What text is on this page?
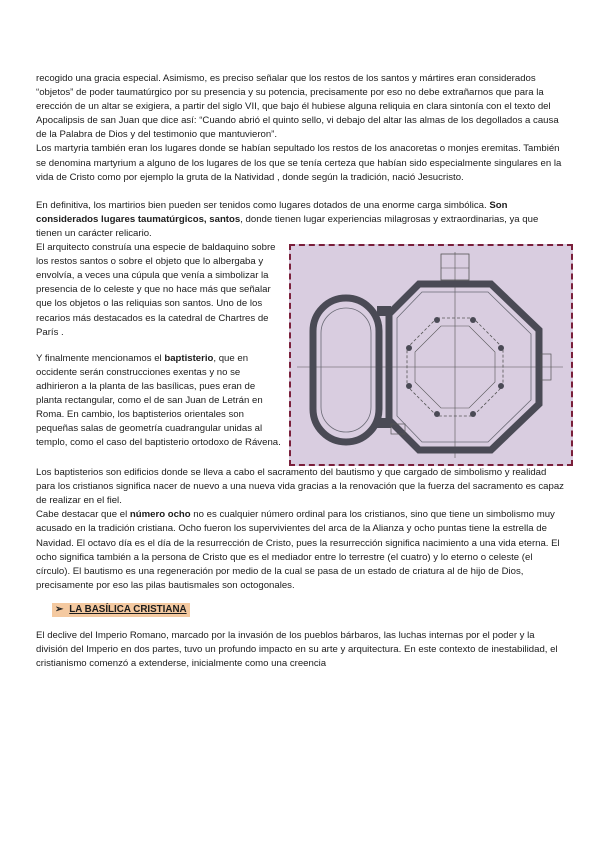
recogido una gracia especial. Asimismo, es preciso señalar que los restos de los santos y mártires eran considerados “objetos” de poder taumatúrgico por su presencia y su potencia, precisamente por eso no debe extrañarnos que para la erección de un altar se exigiera, a partir del siglo VII, que bajo él hubiese alguna reliquia en clara sintonía con el texto del Apocalipsis de san Juan que dice así: “Cuando abrió el quinto sello, vi debajo del altar las almas de los degollados a causa de la Palabra de Dios y del testimonio que mantuvieron”.

Los martyria también eran los lugares donde se habían sepultado los restos de los anacoretas o monjes eremitas. También se denomina martyrium a alguno de los lugares de los que se tenía certeza que habían sido especialmente singulares en la vida de Cristo como por ejemplo la gruta de la Natividad , donde según la tradición, nació Jesucristo.

En definitiva, los martirios bien pueden ser tenidos como lugares dotados de una enorme carga simbólica. Son considerados lugares taumatúrgicos, santos, donde tienen lugar experiencias milagrosas y extraordinarias, ya que tienen un carácter relicario.

El arquitecto construía una especie de baldaquino sobre los restos santos o sobre el objeto que lo albergaba y envolvía, a veces una cúpula que venía a simbolizar la presencia de lo celeste y que no hace más que señalar que los objetos o las reliquias son santos. Uno de los recarios más destacados es la catedral de Chartres de París .

Y finalmente mencionamos el baptisterio, que en occidente serán construcciones exentas y no se adhirieron a la planta de las basílicas, pues eran de planta rectangular, como el de san Juan de Letrán en Roma. En cambio, los baptisterios orientales son pequeñas salas de geometría cuadrangular unidas al templo, como el caso del baptisterio ortodoxo de Rávena.

Los baptisterios son edificios donde se lleva a cabo el sacramento del bautismo y que cargado de simbolismo y realidad para los cristianos significa nacer de nuevo a una nueva vida gracias a la renovación que la fuerza del sacramento es capaz de realizar en el fiel.

Cabe destacar que el número ocho no es cualquier número ordinal para los cristianos, sino que tiene un simbolismo muy acusado en la tradición cristiana. Ocho fueron los supervivientes del arca de la Alianza y ocho puntas tiene la estrella de Navidad. El octavo día es el día de la resurrección de Cristo, pues la resurrección significa nacimiento a una vida eterna. El ocho significa también a la persona de Cristo que es el mediador entre lo terrestre (el cuatro) y lo eterno o celeste (el círculo). El bautismo es una regeneración por medio de la cual se pasa de un estado de criatura al de hijo de Dios, precisamente por eso las pilas bautismales son octogonales.

➢ LA BASÍLICA CRISTIANA

El declive del Imperio Romano, marcado por la invasión de los pueblos bárbaros, las luchas internas por el poder y la división del Imperio en dos partes, tuvo un profundo impacto en su arte y arquitectura. En este contexto de inestabilidad, el cristianismo comenzó a extenderse, inicialmente como una creencia
